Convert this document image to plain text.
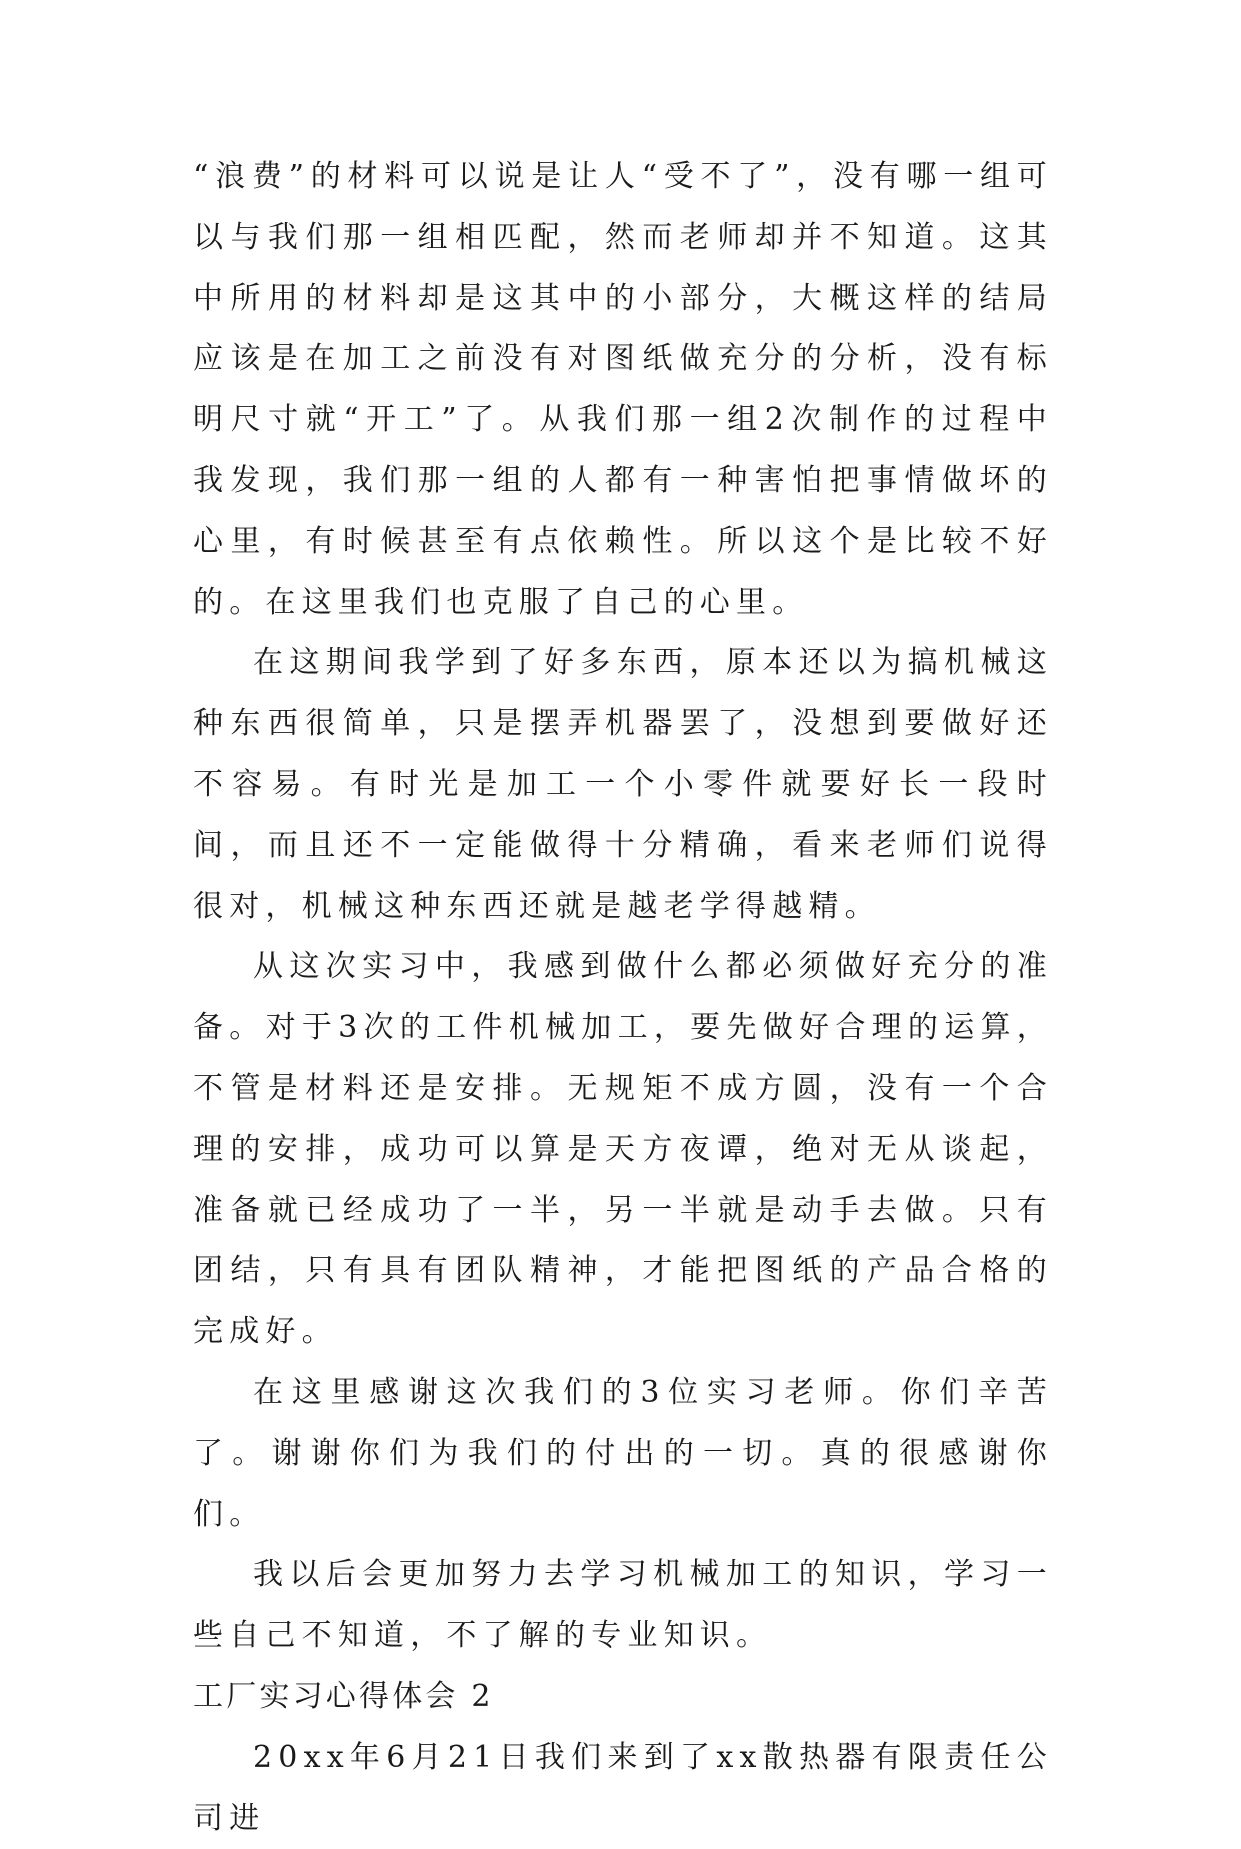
“浪费”的材料可以说是让人“受不了”，没有哪一组可以与我们那一组相匹配，然而老师却并不知道。这其中所用的材料却是这其中的小部分，大概这样的结局应该是在加工之前没有对图纸做充分的分析，没有标明尺寸就“开工”了。从我们那一组2次制作的过程中我发现，我们那一组的人都有一种害怕把事情做坏的心里，有时候甚至有点依赖性。所以这个是比较不好的。在这里我们也克服了自己的心里。

在这期间我学到了好多东西，原本还以为搞机械这种东西很简单，只是摆弄机器罢了，没想到要做好还不容易。有时光是加工一个小零件就要好长一段时间，而且还不一定能做得十分精确，看来老师们说得很对，机械这种东西还就是越老学得越精。

从这次实习中，我感到做什么都必须做好充分的准备。对于3次的工件机械加工，要先做好合理的运算，不管是材料还是安排。无规矩不成方圆，没有一个合理的安排，成功可以算是天方夜谭，绝对无从谈起，准备就已经成功了一半，另一半就是动手去做。只有团结，只有具有团队精神，才能把图纸的产品合格的完成好。

在这里感谢这次我们的3位实习老师。你们辛苦了。谢谢你们为我们的付出的一切。真的很感谢你们。

我以后会更加努力去学习机械加工的知识，学习一些自己不知道，不了解的专业知识。

工厂实习心得体会 2

20xx年6月21日我们来到了xx散热器有限责任公司进
